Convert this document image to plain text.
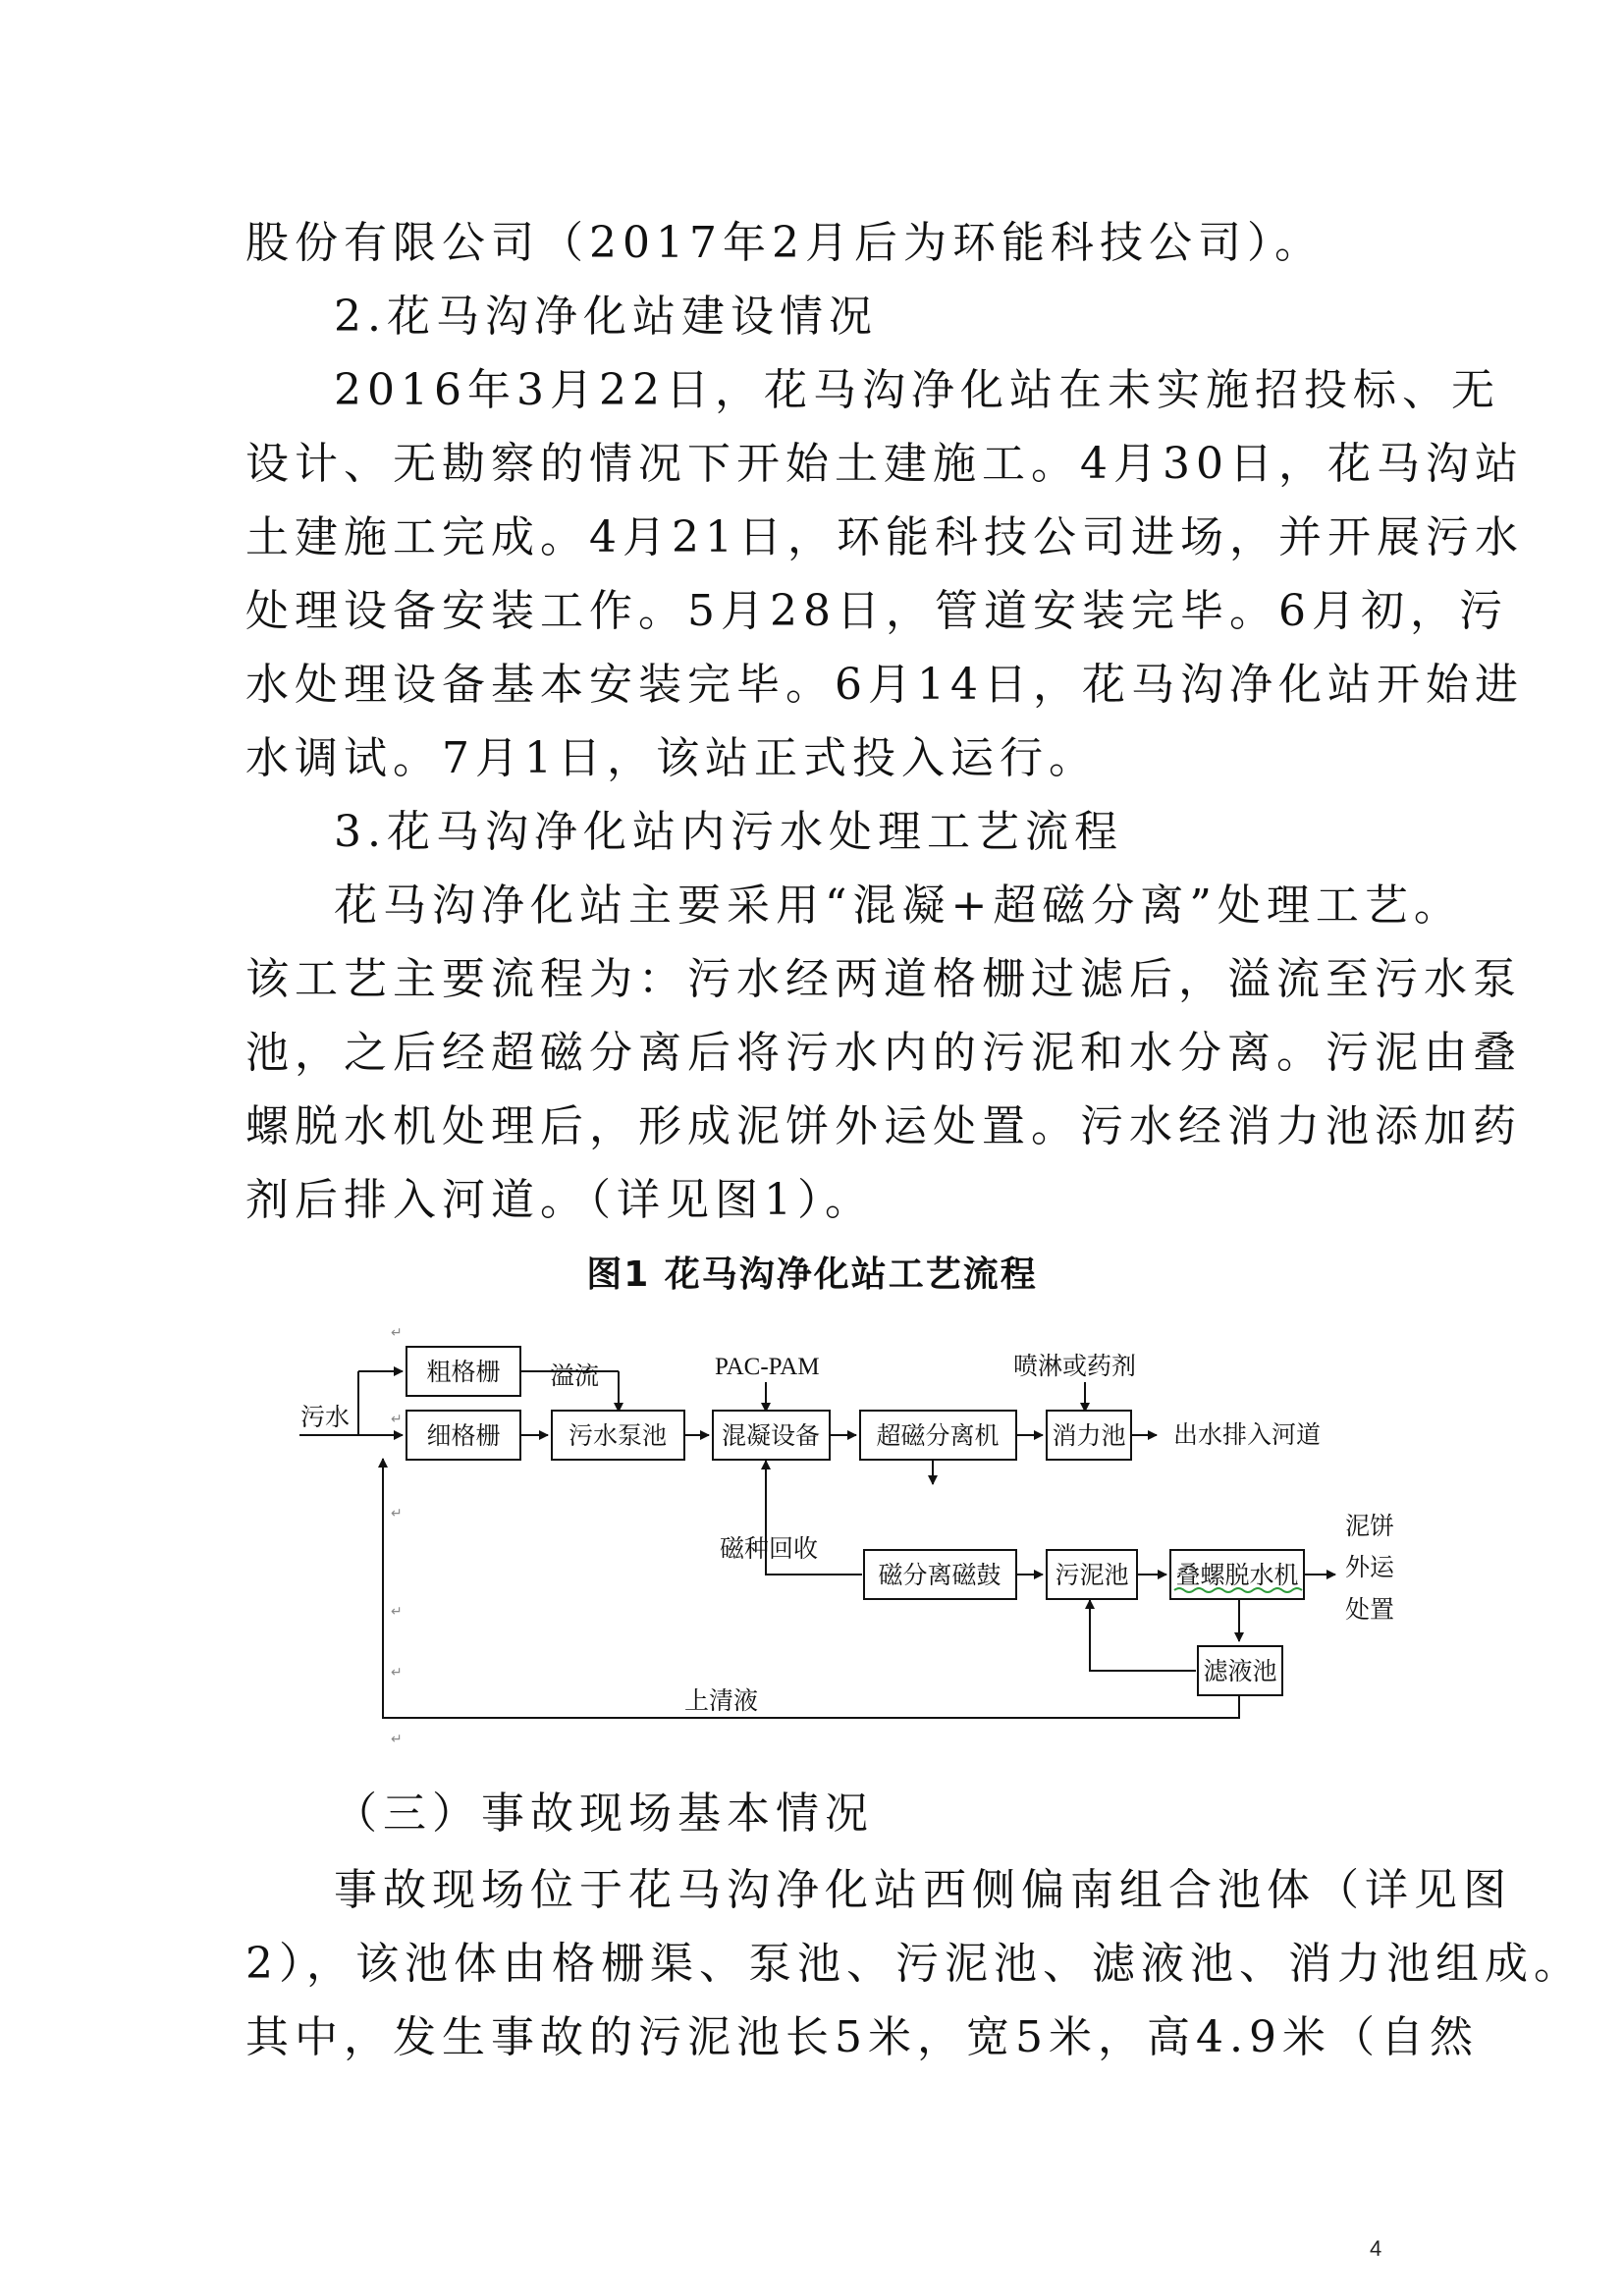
股份有限公司（2017年2月后为环能科技公司）。
2.花马沟净化站建设情况
2016年3月22日，花马沟净化站在未实施招投标、无
设计、无勘察的情况下开始土建施工。4月30日，花马沟站
土建施工完成。4月21日，环能科技公司进场，并开展污水
处理设备安装工作。5月28日，管道安装完毕。6月初，污
水处理设备基本安装完毕。6月14日，花马沟净化站开始进
水调试。7月1日，该站正式投入运行。
3.花马沟净化站内污水处理工艺流程
花马沟净化站主要采用“混凝+超磁分离”处理工艺。
该工艺主要流程为：污水经两道格栅过滤后，溢流至污水泵
池，之后经超磁分离后将污水内的污泥和水分离。污泥由叠
螺脱水机处理后，形成泥饼外运处置。污水经消力池添加药
剂后排入河道。（详见图1）。
图1 花马沟净化站工艺流程
粗格栅
细格栅	污水泵池 混凝设备 超磁分离机 消力池
磁分离磁鼓 污泥池 叠螺脱水机
滤液池
污水
溢流	PAC-PAM	喷淋或药剂
出水排入河道
磁种回收
泥饼
外运
处置
上清液
↵
↵
↵
↵
↵
↵
（三）事故现场基本情况
事故现场位于花马沟净化站西侧偏南组合池体（详见图
2），该池体由格栅渠、泵池、污泥池、滤液池、消力池组成。
其中，发生事故的污泥池长5米，宽5米，高4.9米（自然
4
